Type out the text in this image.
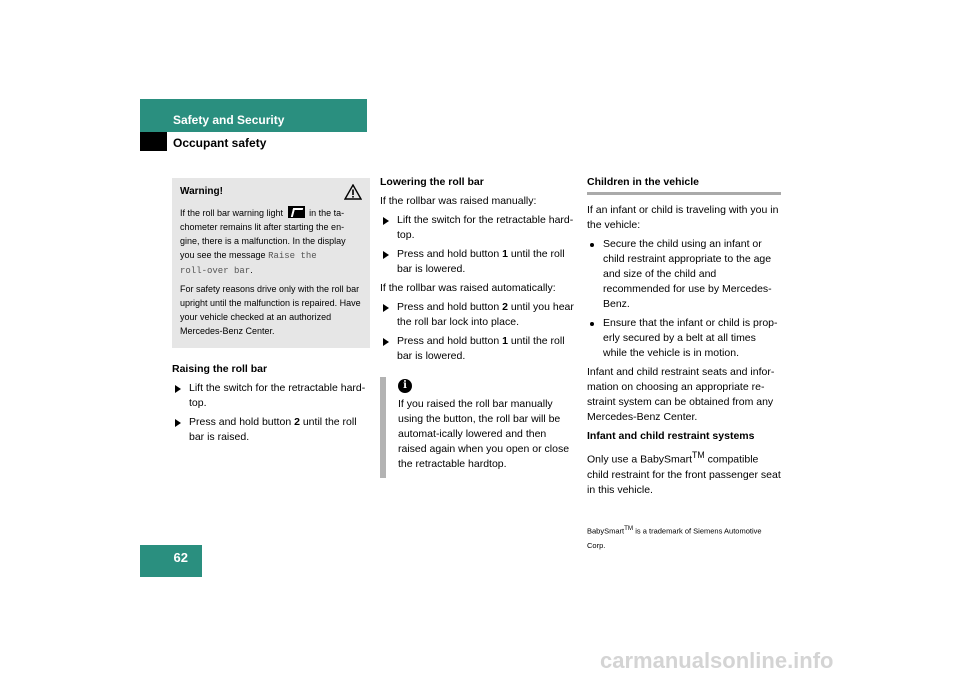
Safety and Security
Occupant safety
62
Warning!

If the roll bar warning light	in the ta-chometer remains lit after starting the en-gine, there is a malfunction. In the display you see the message Raise the
roll-over bar.

For safety reasons drive only with the roll bar upright until the malfunction is repaired. Have your vehicle checked at an authorized Mercedes-Benz Center.

Raising the roll bar

Lift the switch for the retractable hard-top.

Press and hold button 2 until the roll bar is raised.

Lowering the roll bar

If the rollbar was raised manually:

Lift the switch for the retractable hard-top.

Press and hold button 1 until the roll bar is lowered.

If the rollbar was raised automatically:

Press and hold button 2 until you hear the roll bar lock into place.

Press and hold button 1 until the roll bar is lowered.

i

If you raised the roll bar manually using the button, the roll bar will be automat-ically lowered and then raised again when you open or close the retractable hardtop.

Children in the vehicle

If an infant or child is traveling with you in the vehicle:

Secure the child using an infant or child restraint appropriate to the age and size of the child and recommended for use by Mercedes-Benz.

Ensure that the infant or child is prop-erly secured by a belt at all times while the vehicle is in motion.

Infant and child restraint seats and infor-mation on choosing an appropriate re-straint system can be obtained from any Mercedes-Benz Center.

Infant and child restraint systems

Only use a BabySmart™ compatible child restraint for the front passenger seat in this vehicle.

BabySmart™ is a trademark of Siemens Automotive Corp.

carmanualsonline.info
